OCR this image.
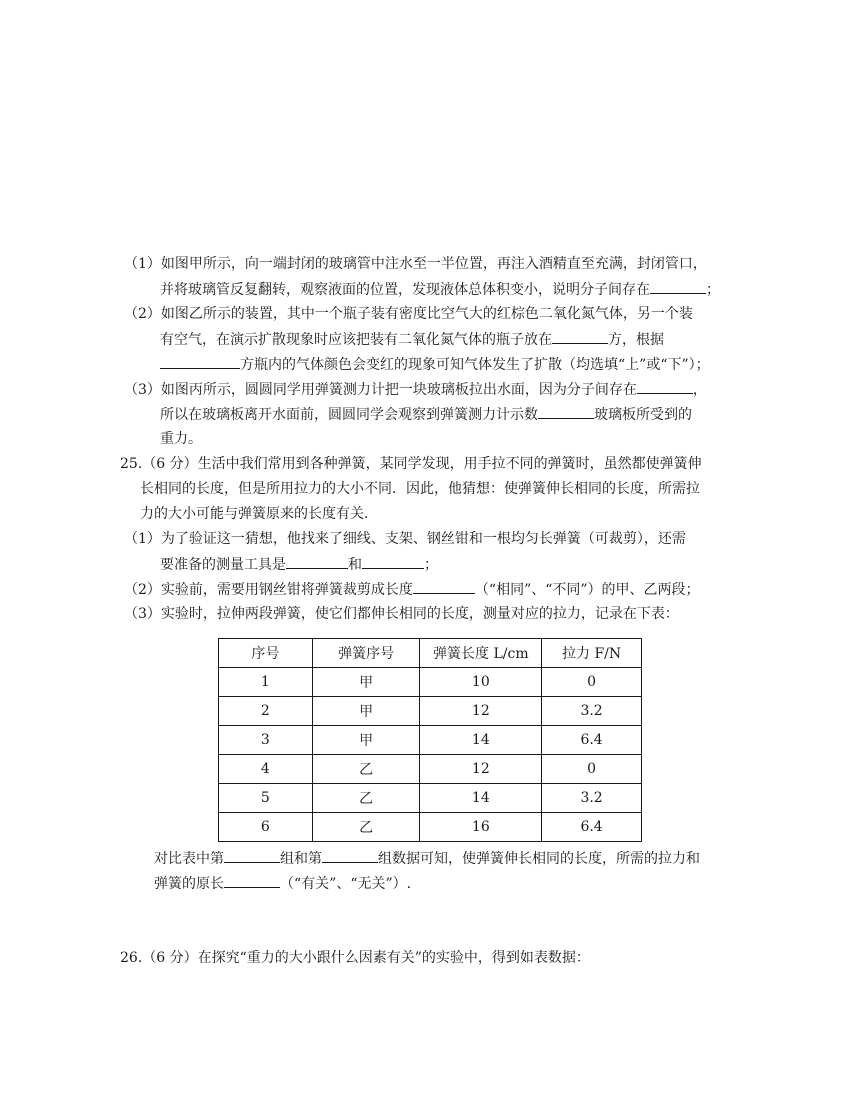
（1）如图甲所示，向一端封闭的玻璃管中注水至一半位置，再注入酒精直至充满，封闭管口，
并将玻璃管反复翻转，观察液面的位置，发现液体总体积变小，说明分子间存在	；
（2）如图乙所示的装置，其中一个瓶子装有密度比空气大的红棕色二氧化氮气体，另一个装
有空气，在演示扩散现象时应该把装有二氧化氮气体的瓶子放在	方，根据
方瓶内的气体颜色会变红的现象可知气体发生了扩散（均选填“上”或“下”）；
（3）如图丙所示，圆圆同学用弹簧测力计把一块玻璃板拉出水面，因为分子间存在	，
所以在玻璃板离开水面前，圆圆同学会观察到弹簧测力计示数	玻璃板所受到的
重力。
25.（6 分）生活中我们常用到各种弹簧，某同学发现，用手拉不同的弹簧时，虽然都使弹簧伸
长相同的长度，但是所用拉力的大小不同．因此，他猜想：使弹簧伸长相同的长度，所需拉
力的大小可能与弹簧原来的长度有关．
（1）为了验证这一猜想，他找来了细线、支架、钢丝钳和一根均匀长弹簧（可裁剪），还需
要准备的测量工具是	和	；
（2）实验前，需要用钢丝钳将弹簧裁剪成长度	（“相同”、“不同”）的甲、乙两段；
（3）实验时，拉伸两段弹簧，使它们都伸长相同的长度，测量对应的拉力，记录在下表：
序号	弹簧序号	弹簧长度 L/cm	拉力 F/N
1	甲	10	0
2	甲	12	3.2
3	甲	14	6.4
4	乙	12	0
5	乙	14	3.2
6	乙	16	6.4
对比表中第	组和第	组数据可知，使弹簧伸长相同的长度，所需的拉力和
弹簧的原长	（“有关”、“无关”）.
26.（6 分）在探究“重力的大小跟什么因素有关”的实验中，得到如表数据：
